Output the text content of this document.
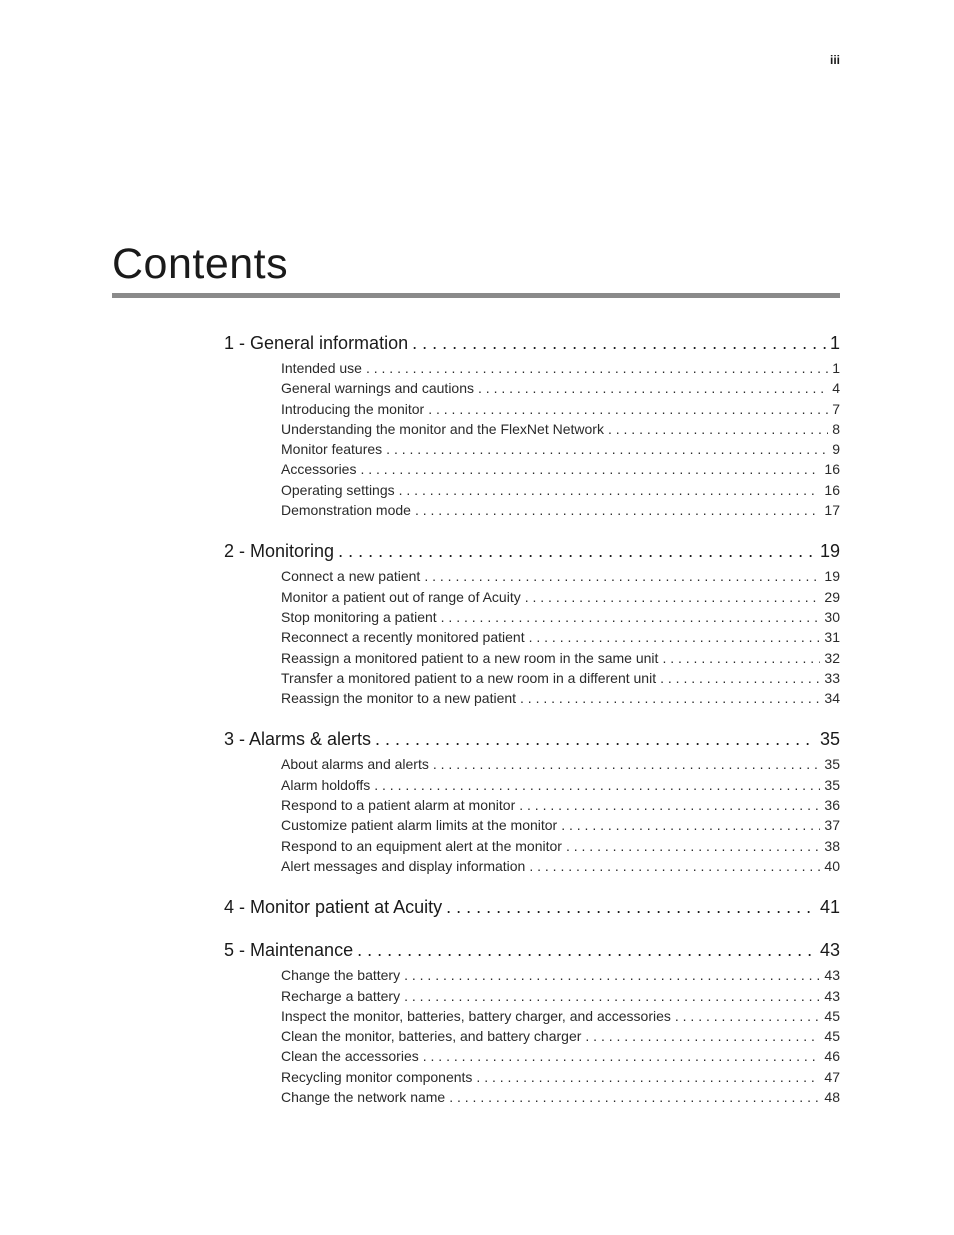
iii
Contents
1 - General information . . .	1
Intended use . . .	1
General warnings and cautions . . .	4
Introducing the monitor . . .	7
Understanding the monitor and the FlexNet Network . . .	8
Monitor features . . .	9
Accessories . . .	16
Operating settings . . .	16
Demonstration mode . . .	17
2 - Monitoring . . .	19
Connect a new patient . . .	19
Monitor a patient out of range of Acuity . . .	29
Stop monitoring a patient . . .	30
Reconnect a recently monitored patient . . .	31
Reassign a monitored patient to a new room in the same unit . . .	32
Transfer a monitored patient to a new room in a different unit . . .	33
Reassign the monitor to a new patient . . .	34
3 - Alarms & alerts . . .	35
About alarms and alerts . . .	35
Alarm holdoffs . . .	35
Respond to a patient alarm at monitor . . .	36
Customize patient alarm limits at the monitor . . .	37
Respond to an equipment alert at the monitor . . .	38
Alert messages and display information . . .	40
4 - Monitor patient at Acuity . . .	41
5 - Maintenance . . .	43
Change the battery . . .	43
Recharge a battery . . .	43
Inspect the monitor, batteries, battery charger, and accessories . . .	45
Clean the monitor, batteries, and battery charger . . .	45
Clean the accessories . . .	46
Recycling monitor components . . .	47
Change the network name . . .	48
